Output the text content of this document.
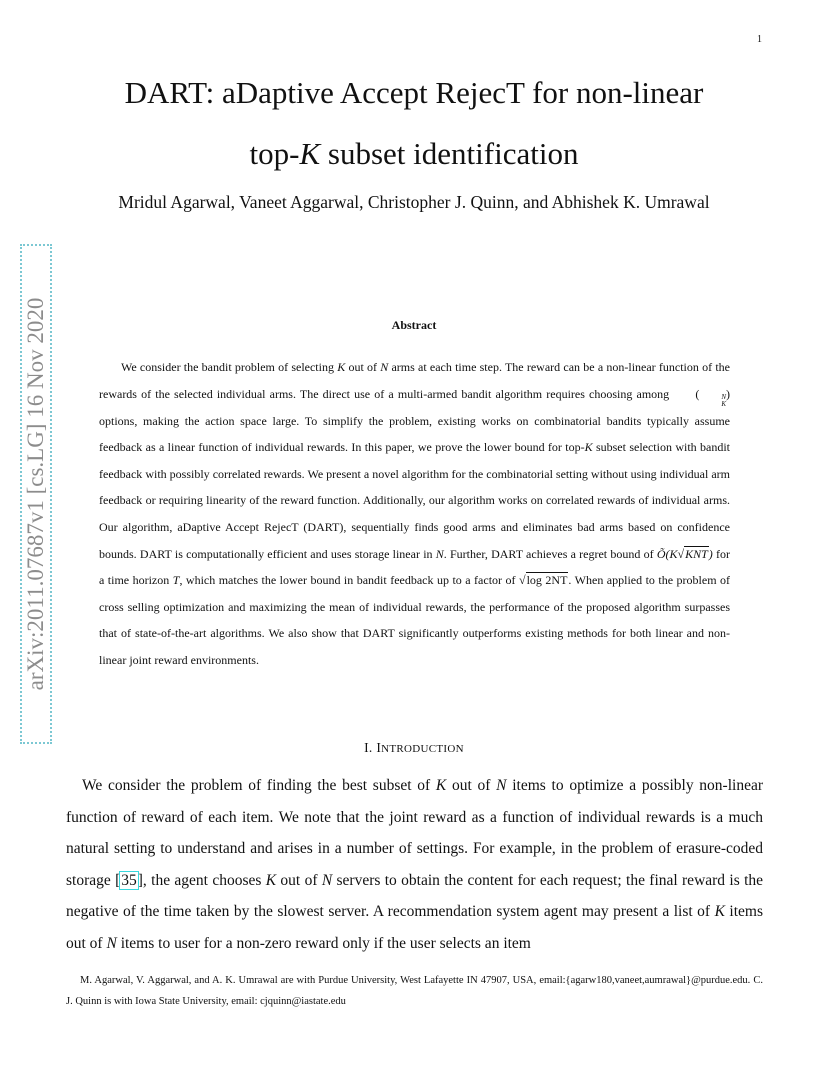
1
DART: aDaptive Accept RejecT for non-linear
top-K subset identification
Mridul Agarwal, Vaneet Aggarwal, Christopher J. Quinn, and Abhishek K. Umrawal
arXiv:2011.07687v1 [cs.LG] 16 Nov 2020	Abstract

We consider the bandit problem of selecting K out of N arms at each time step. The reward can be a non-linear function of the rewards of the selected individual arms. The direct use of a multi-armed bandit algorithm requires choosing among (	N
K
) options, making the action space large. To simplify the problem, existing works on combinatorial bandits typically assume feedback as a linear function of individual rewards. In this paper, we prove the lower bound for top-K subset selection with bandit feedback with possibly correlated rewards. We present a novel algorithm for the combinatorial setting without using individual arm feedback or requiring linearity of the reward function. Additionally, our algorithm works on correlated rewards of individual arms. Our algorithm, aDaptive Accept RejecT (DART), sequentially finds good arms and eliminates bad arms based on confidence bounds. DART is computationally efficient and uses storage linear in N. Further, DART achieves a regret bound of Õ(K√KNT) for a time horizon T, which matches the lower bound in bandit feedback up to a factor of √log 2NT. When applied to the problem of cross selling optimization and maximizing the mean of individual rewards, the performance of the proposed algorithm surpasses that of state-of-the-art algorithms. We also show that DART significantly outperforms existing methods for both linear and non-linear joint reward environments.

I. INTRODUCTION

We consider the problem of finding the best subset of K out of N items to optimize a possibly non-linear function of reward of each item. We note that the joint reward as a function of individual rewards is a much natural setting to understand and arises in a number of settings. For example, in the problem of erasure-coded storage [35], the agent chooses K out of N servers to obtain the content for each request; the final reward is the negative of the time taken by the slowest server. A recommendation system agent may present a list of K items out of N items to user for a non-zero reward only if the user selects an item

M. Agarwal, V. Aggarwal, and A. K. Umrawal are with Purdue University, West Lafayette IN 47907, USA, email:{agarw180,vaneet,aumrawal}@purdue.edu. C. J. Quinn is with Iowa State University, email: cjquinn@iastate.edu
